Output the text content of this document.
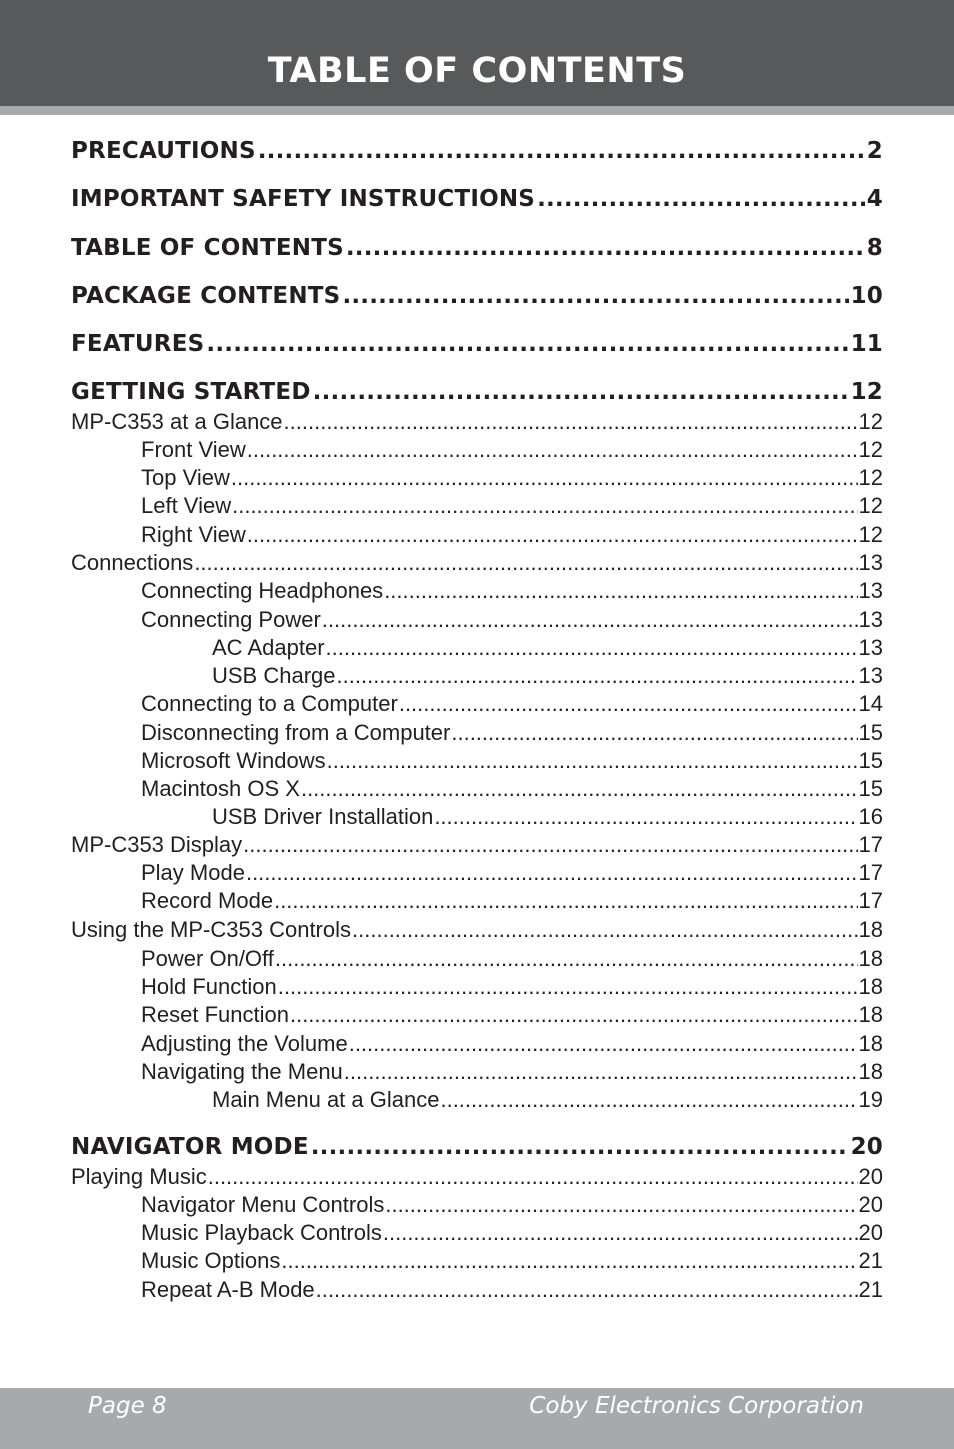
TABLE OF CONTENTS
PRECAUTIONS .....	2
IMPORTANT SAFETY INSTRUCTIONS .....	4
TABLE OF CONTENTS .....	8
PACKAGE CONTENTS .....	10
FEATURES .....	11
GETTING STARTED .....	12
MP-C353 at a Glance .....	12
Front View .....	12
Top View .....	12
Left View .....	12
Right View .....	12
Connections .....	13
Connecting Headphones .....	13
Connecting Power .....	13
AC Adapter .....	13
USB Charge .....	13
Connecting to a Computer .....	14
Disconnecting from a Computer .....	15
Microsoft Windows .....	15
Macintosh OS X .....	15
USB Driver Installation .....	16
MP-C353 Display .....	17
Play Mode .....	17
Record Mode .....	17
Using the MP-C353 Controls .....	18
Power On/Off .....	18
Hold Function .....	18
Reset Function .....	18
Adjusting the Volume .....	18
Navigating the Menu .....	18
Main Menu at a Glance .....	19
NAVIGATOR MODE .....	20
Playing Music .....	20
Navigator Menu Controls .....	20
Music Playback Controls .....	20
Music Options .....	21
Repeat A-B Mode .....	21
Page 8	Coby Electronics Corporation
